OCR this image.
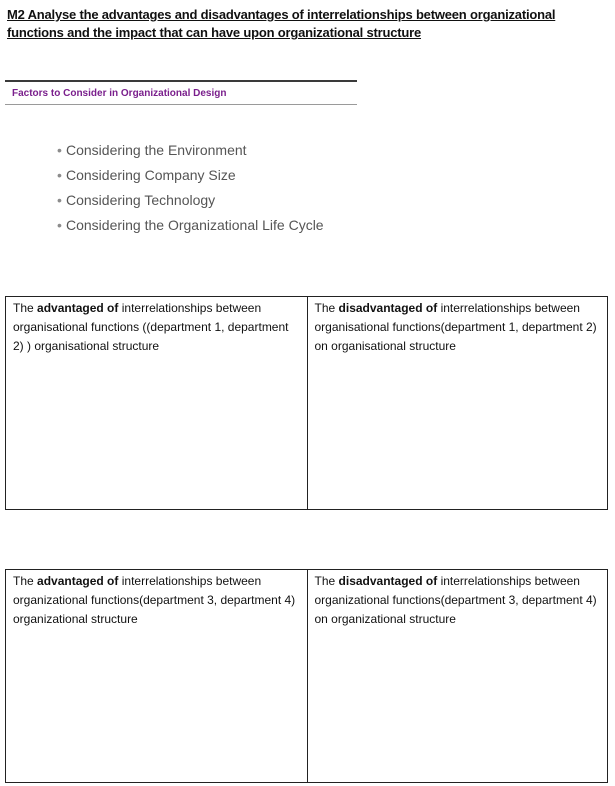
M2 Analyse the advantages and disadvantages of interrelationships between organizational
functions and the impact that can have upon organizational structure
Factors to Consider in Organizational Design
• Considering the Environment
• Considering Company Size
• Considering Technology
• Considering the Organizational Life Cycle
The advantaged of interrelationships between organisational functions ((department 1, department 2) ) organisational structure
The disadvantaged of interrelationships between organisational functions(department 1, department 2) on organisational structure
The advantaged of interrelationships between organizational functions(department 3, department 4) organizational structure
The disadvantaged of interrelationships between organizational functions(department 3, department 4) on organizational structure
